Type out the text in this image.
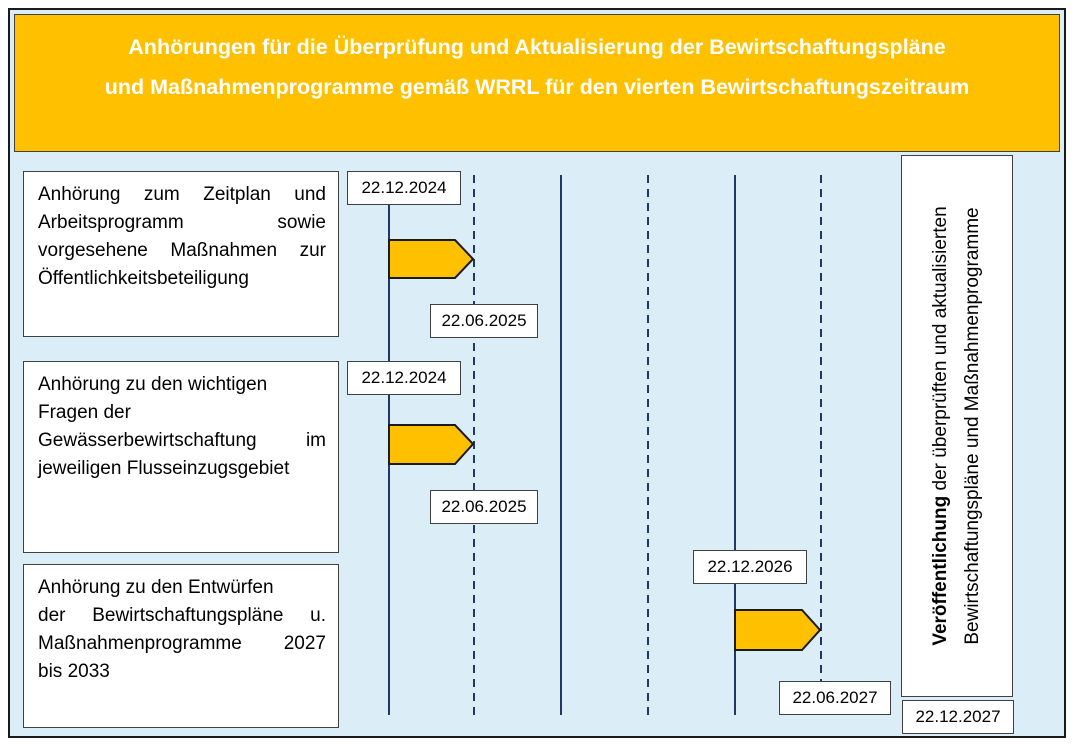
Anhörungen für die Überprüfung und Aktualisierung der Bewirtschaftungspläne
und Maßnahmenprogramme gemäß WRRL für den vierten Bewirtschaftungszeitraum
Anhörung zum Zeitplan und
Arbeitsprogramm sowie
vorgesehene Maßnahmen zur
Öffentlichkeitsbeteiligung
22.12.2024
22.06.2025
Anhörung zu den wichtigen
Fragen der
Gewässerbewirtschaftung im
jeweiligen Flusseinzugsgebiet
22.12.2024
22.06.2025
Anhörung zu den Entwürfen
der Bewirtschaftungspläne u.
Maßnahmenprogramme 2027
bis 2033
22.12.2026
22.06.2027
Veröffentlichung der überprüften und aktualisierten Bewirtschaftungspläne und Maßnahmenprogramme
22.12.2027
